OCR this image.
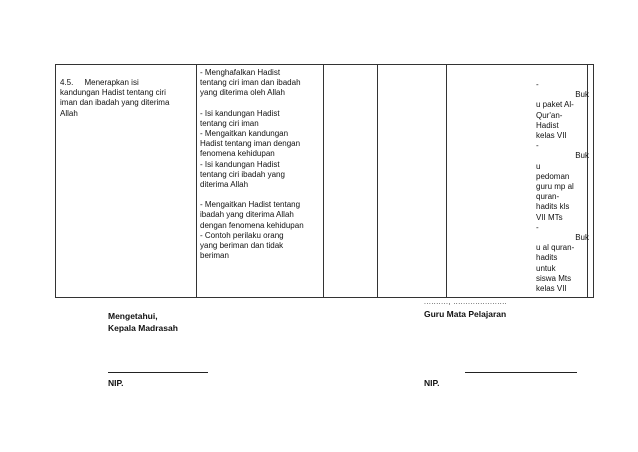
4.5. Menerapkan isi

kandungan Hadist tentang ciri

iman dan ibadah yang diterima

Allah

- Menghafalkan Hadist

tentang ciri iman dan ibadah

yang diterima oleh Allah

- Isi kandungan Hadist

tentang ciri iman

- Mengaitkan kandungan

Hadist tentang iman dengan

fenomena kehidupan

- Isi kandungan Hadist

tentang ciri ibadah yang

diterima Allah

- Mengaitkan Hadist tentang

ibadah yang diterima Allah

dengan fenomena kehidupan

- Contoh perilaku orang

yang beriman dan tidak

beriman

-
Buk
u paket Al-
Qur'an-
Hadist
kelas VII
-
Buk
u
pedoman
guru mp al
quran-
hadits kls
VII MTs
-
Buk
u al quran-
hadits
untuk
siswa Mts
kelas VII
Mengetahui,
Kepala Madrasah
NIP.
.........., ......................
Guru Mata Pelajaran
NIP.
